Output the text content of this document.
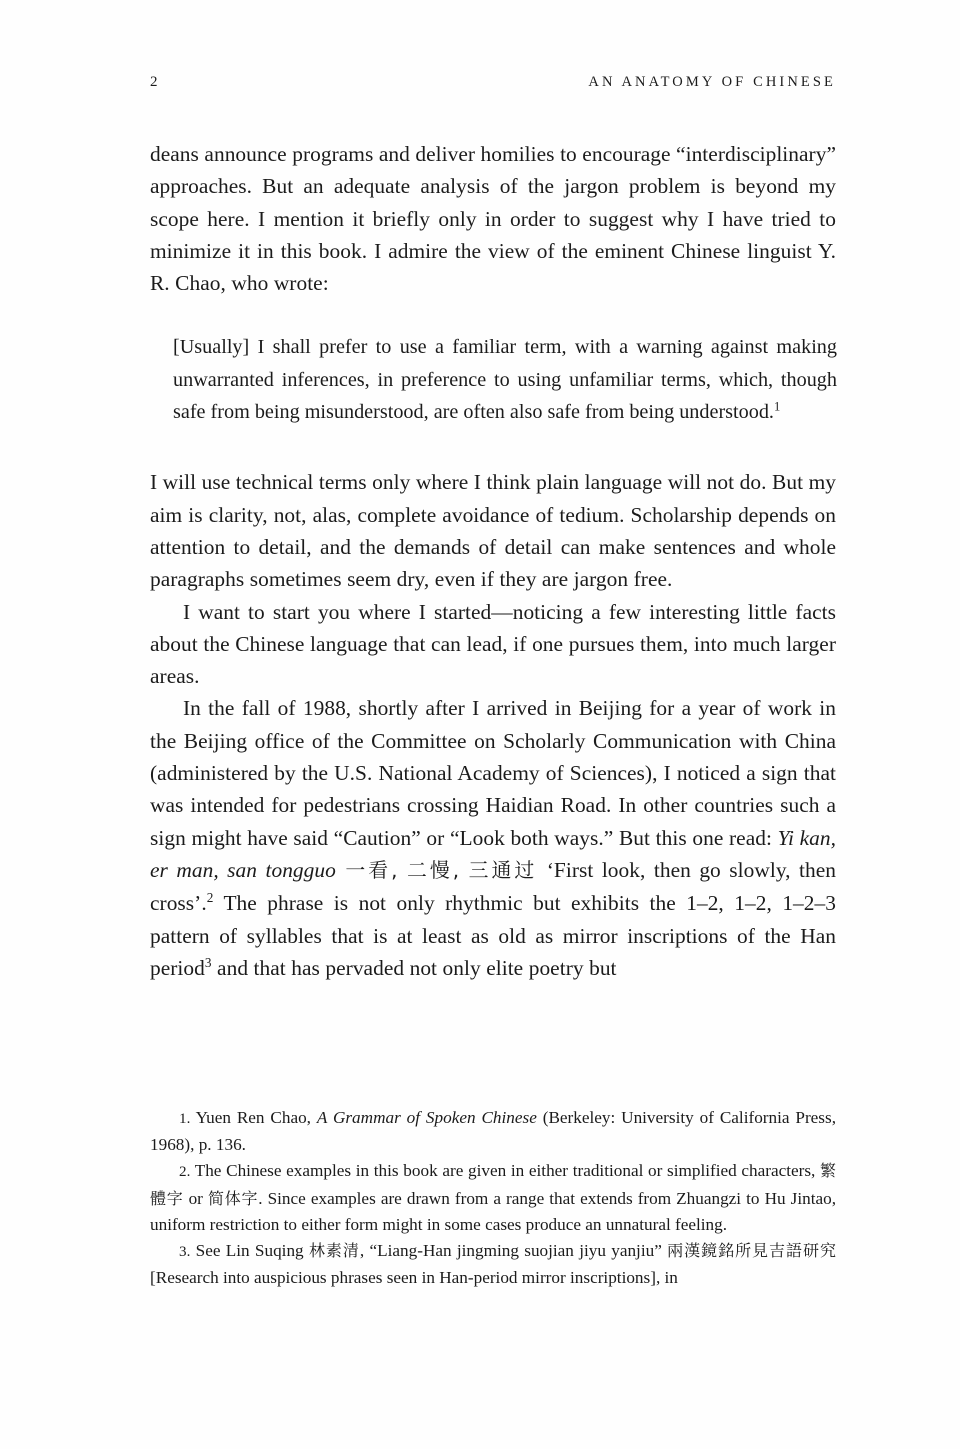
2	AN ANATOMY OF CHINESE

deans announce programs and deliver homilies to encourage “interdisciplinary” approaches. But an adequate analysis of the jargon problem is beyond my scope here. I mention it briefly only in order to suggest why I have tried to minimize it in this book. I admire the view of the eminent Chinese linguist Y. R. Chao, who wrote:

[Usually] I shall prefer to use a familiar term, with a warning against making unwarranted inferences, in preference to using unfamiliar terms, which, though safe from being misunderstood, are often also safe from being understood.$^1$

I will use technical terms only where I think plain language will not do. But my aim is clarity, not, alas, complete avoidance of tedium. Scholarship depends on attention to detail, and the demands of detail can make sentences and whole paragraphs sometimes seem dry, even if they are jargon free.

I want to start you where I started—noticing a few interesting little facts about the Chinese language that can lead, if one pursues them, into much larger areas.

In the fall of 1988, shortly after I arrived in Beijing for a year of work in the Beijing office of the Committee on Scholarly Communication with China (administered by the U.S. National Academy of Sciences), I noticed a sign that was intended for pedestrians crossing Haidian Road. In other countries such a sign might have said “Caution” or “Look both ways.” But this one read: Yi kan, er man, san tongguo 一看, 二慢, 三通过 ‘First look, then go slowly, then cross’.$^2$ The phrase is not only rhythmic but exhibits the 1–2, 1–2, 1–2–3 pattern of syllables that is at least as old as mirror inscriptions of the Han period$^3$ and that has pervaded not only elite poetry but

1. Yuen Ren Chao, A Grammar of Spoken Chinese (Berkeley: University of California Press, 1968), p. 136.

2. The Chinese examples in this book are given in either traditional or simplified characters, 繁體字 or 简体字. Since examples are drawn from a range that extends from Zhuangzi to Hu Jintao, uniform restriction to either form might in some cases produce an unnatural feeling.

3. See Lin Suqing 林素清, “Liang-Han jingming suojian jiyu yanjiu” 兩漢鏡銘所見吉語研究 [Research into auspicious phrases seen in Han-period mirror inscriptions], in
